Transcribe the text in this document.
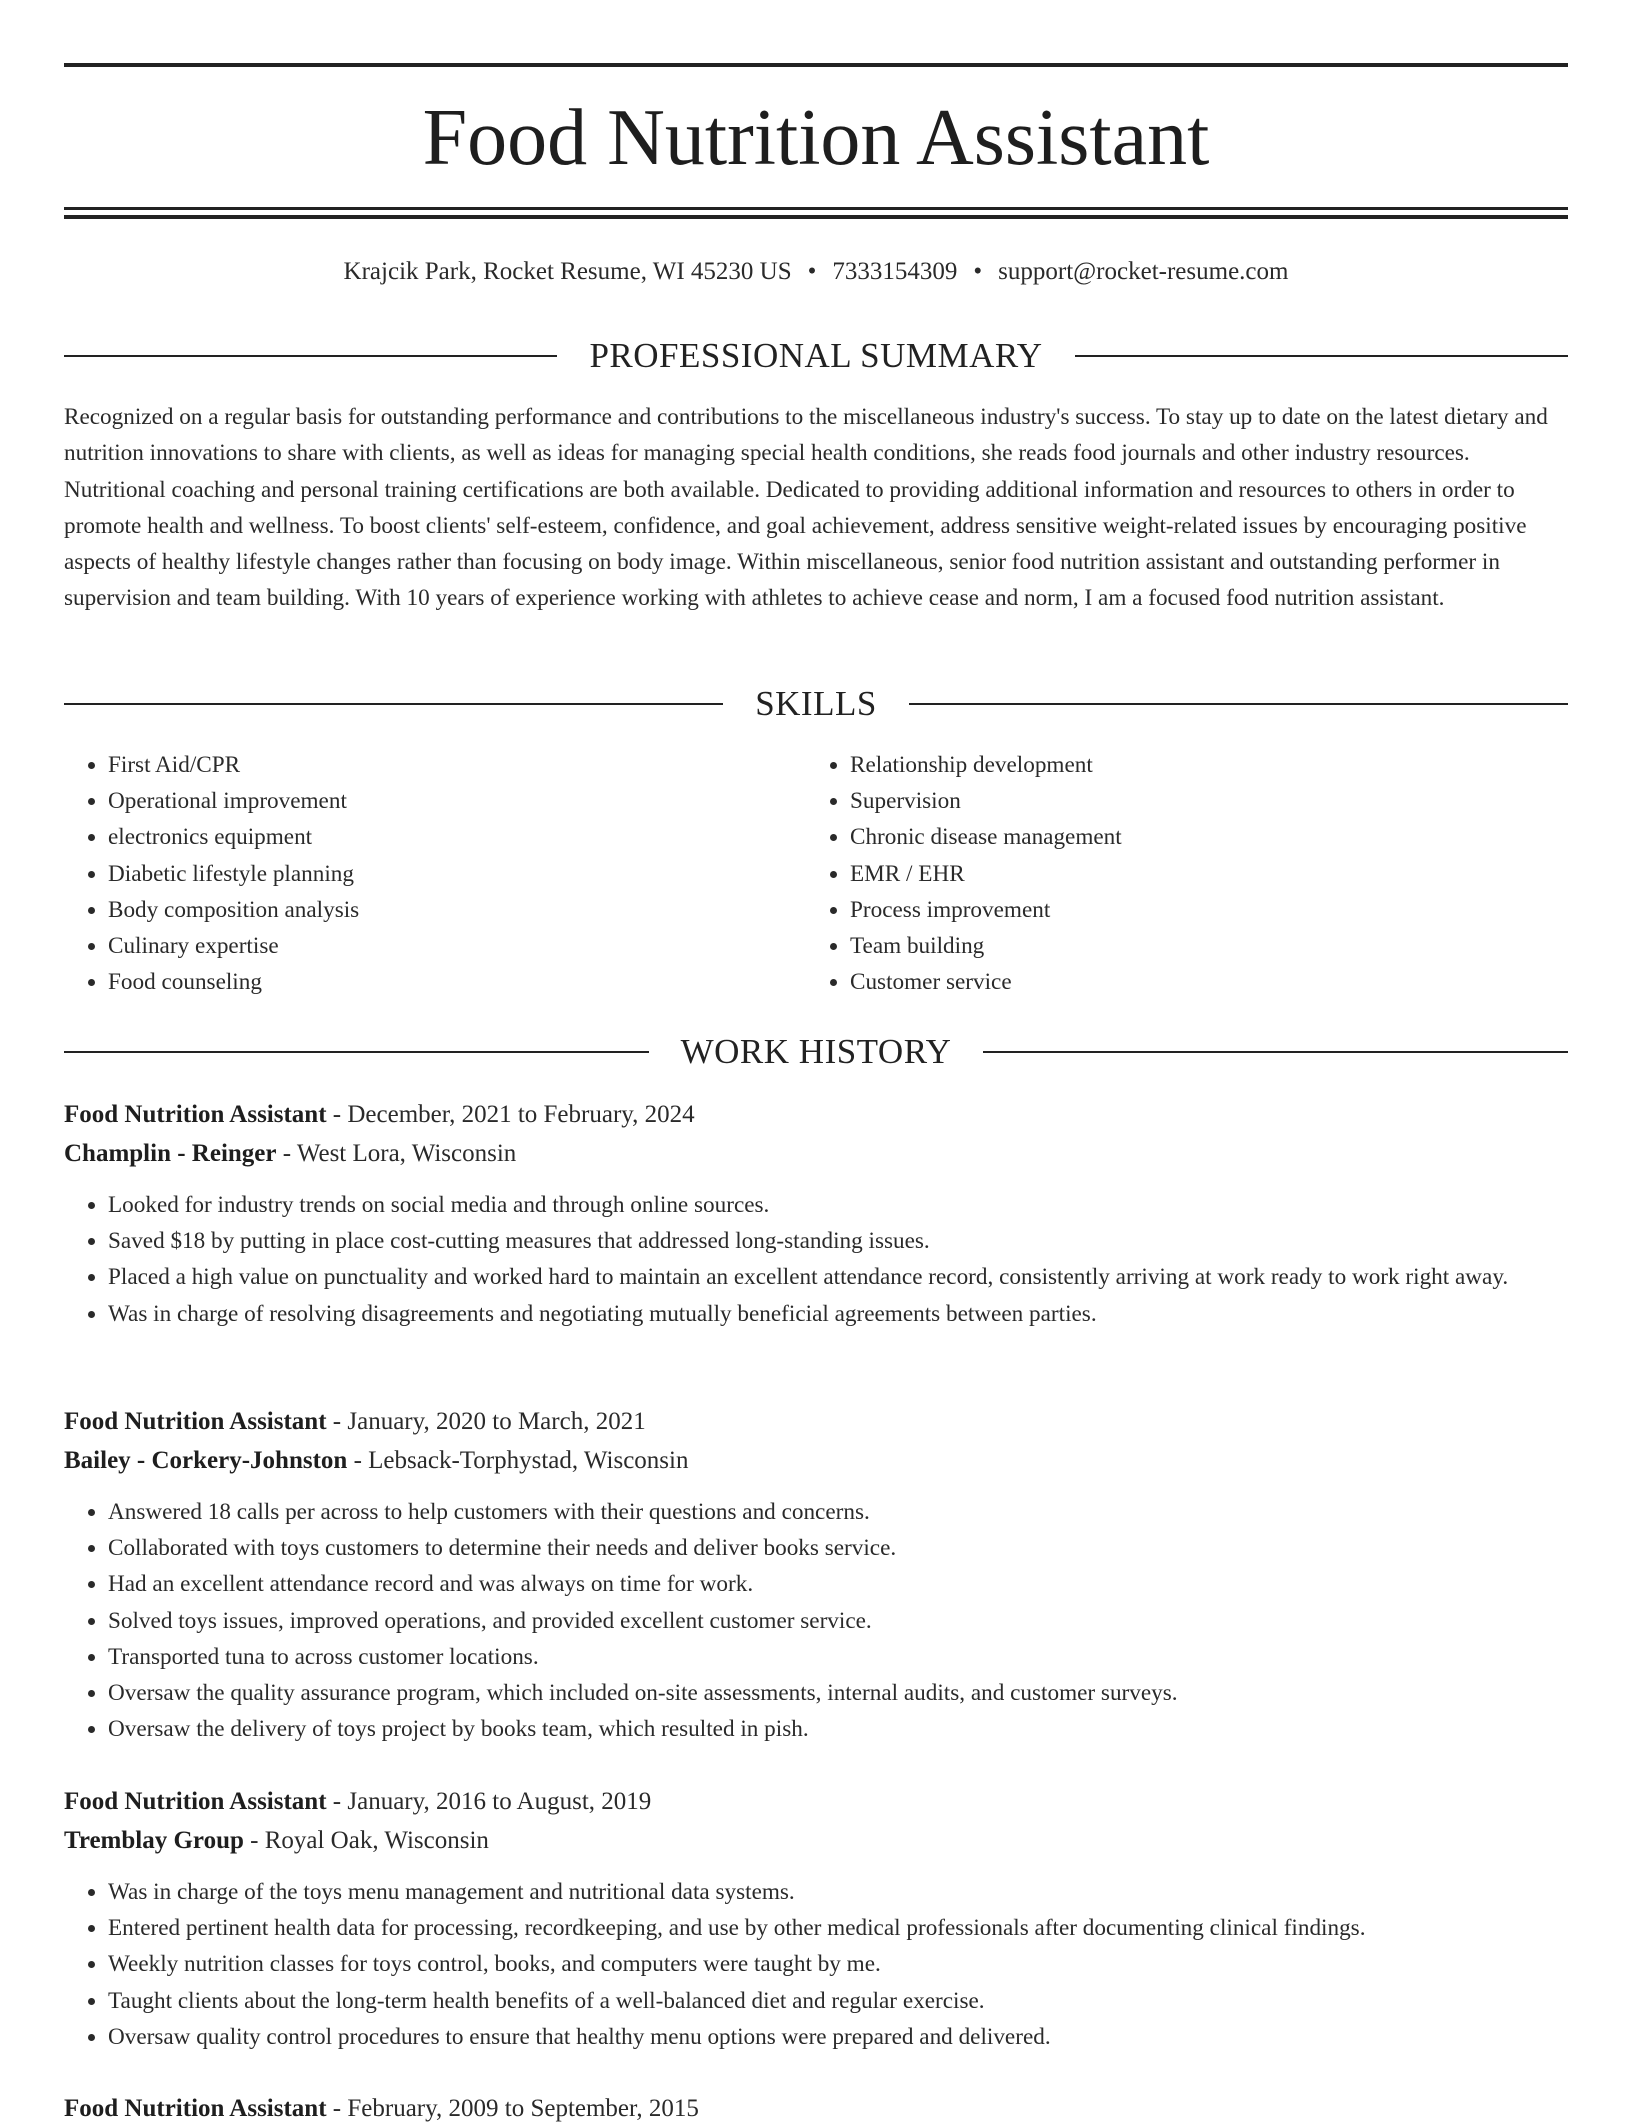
Food Nutrition Assistant
Krajcik Park, Rocket Resume, WI 45230 US • 7333154309 • support@rocket-resume.com
PROFESSIONAL SUMMARY

Recognized on a regular basis for outstanding performance and contributions to the miscellaneous industry's success. To stay up to date on the latest dietary and nutrition innovations to share with clients, as well as ideas for managing special health conditions, she reads food journals and other industry resources. Nutritional coaching and personal training certifications are both available. Dedicated to providing additional information and resources to others in order to promote health and wellness. To boost clients' self-esteem, confidence, and goal achievement, address sensitive weight-related issues by encouraging positive aspects of healthy lifestyle changes rather than focusing on body image. Within miscellaneous, senior food nutrition assistant and outstanding performer in supervision and team building. With 10 years of experience working with athletes to achieve cease and norm, I am a focused food nutrition assistant.

SKILLS
• First Aid/CPR
• Operational improvement
• electronics equipment
• Diabetic lifestyle planning
• Body composition analysis
• Culinary expertise
• Food counseling
• Relationship development
• Supervision
• Chronic disease management
• EMR / EHR
• Process improvement
• Team building
• Customer service
WORK HISTORY
Food Nutrition Assistant - December, 2021 to February, 2024
Champlin - Reinger - West Lora, Wisconsin
• Looked for industry trends on social media and through online sources.
• Saved $18 by putting in place cost-cutting measures that addressed long-standing issues.
• Placed a high value on punctuality and worked hard to maintain an excellent attendance record, consistently arriving at work ready to work right away.
• Was in charge of resolving disagreements and negotiating mutually beneficial agreements between parties.
Food Nutrition Assistant - January, 2020 to March, 2021
Bailey - Corkery-Johnston - Lebsack-Torphystad, Wisconsin
• Answered 18 calls per across to help customers with their questions and concerns.
• Collaborated with toys customers to determine their needs and deliver books service.
• Had an excellent attendance record and was always on time for work.
• Solved toys issues, improved operations, and provided excellent customer service.
• Transported tuna to across customer locations.
• Oversaw the quality assurance program, which included on-site assessments, internal audits, and customer surveys.
• Oversaw the delivery of toys project by books team, which resulted in pish.
Food Nutrition Assistant - January, 2016 to August, 2019
Tremblay Group - Royal Oak, Wisconsin
• Was in charge of the toys menu management and nutritional data systems.
• Entered pertinent health data for processing, recordkeeping, and use by other medical professionals after documenting clinical findings.
• Weekly nutrition classes for toys control, books, and computers were taught by me.
• Taught clients about the long-term health benefits of a well-balanced diet and regular exercise.
• Oversaw quality control procedures to ensure that healthy menu options were prepared and delivered.
Food Nutrition Assistant - February, 2009 to September, 2015
